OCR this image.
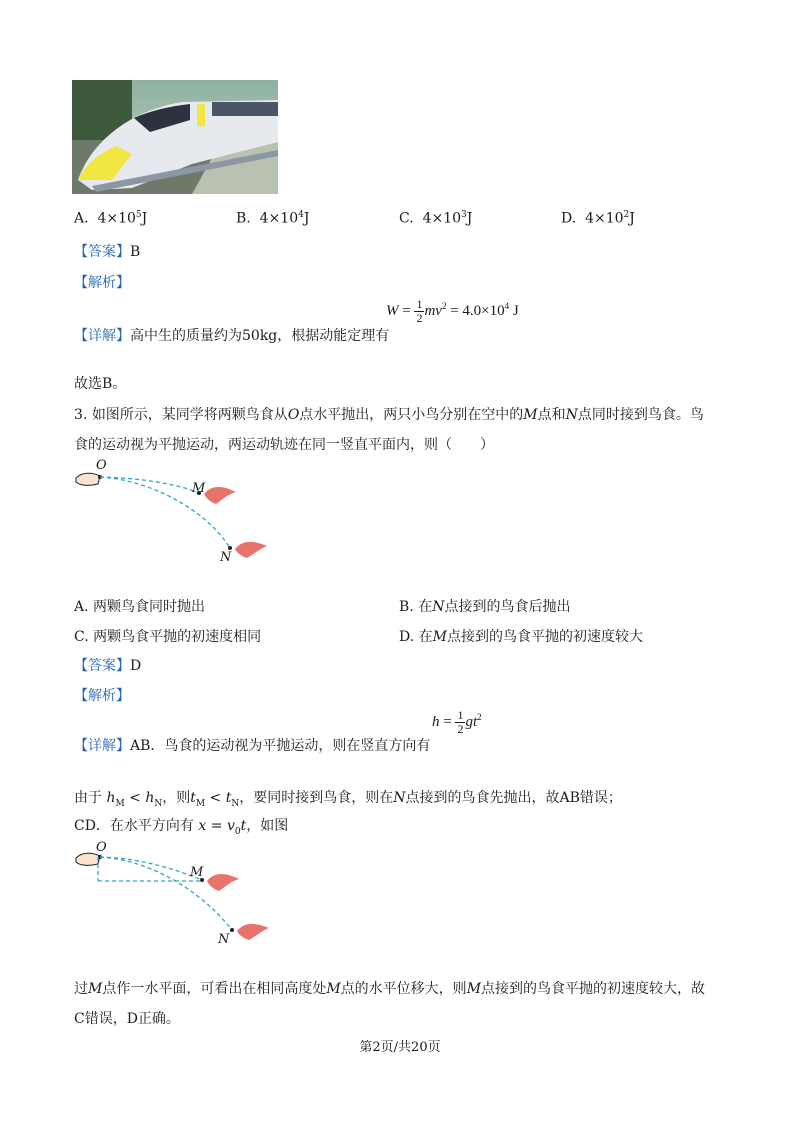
A.  $4\times 10^5J$	B.  $4\times 10^4J$	C.  $4\times 10^3J$	D.  $4\times 10^2J$
【答案】B
【解析】
【详解】高中生的质量约为50kg，根据动能定理有
$W = \frac{1}{2} mv^2 = 4.0\times 10^4$ J
故选B。
3. 如图所示，某同学将两颗鸟食从O点水平抛出，两只小鸟分别在空中的M点和N点同时接到鸟食。鸟
食的运动视为平抛运动，两运动轨迹在同一竖直平面内，则（　　）
O
M
N
A. 两颗鸟食同时抛出	B. 在N点接到的鸟食后抛出
C. 两颗鸟食平抛的初速度相同	D. 在M点接到的鸟食平抛的初速度较大
【答案】D
【解析】
【详解】AB．鸟食的运动视为平抛运动，则在竖直方向有
$h = \frac{1}{2} gt^2$
由于 $h_M < h_N$，则$t_M < t_N$，要同时接到鸟食，则在N点接到的鸟食先抛出，故AB错误；
CD．在水平方向有 $x = v_0t$，如图
O
M
N
过M点作一水平面，可看出在相同高度处M点的水平位移大，则M点接到的鸟食平抛的初速度较大，故
C错误，D正确。
第2页/共20页
